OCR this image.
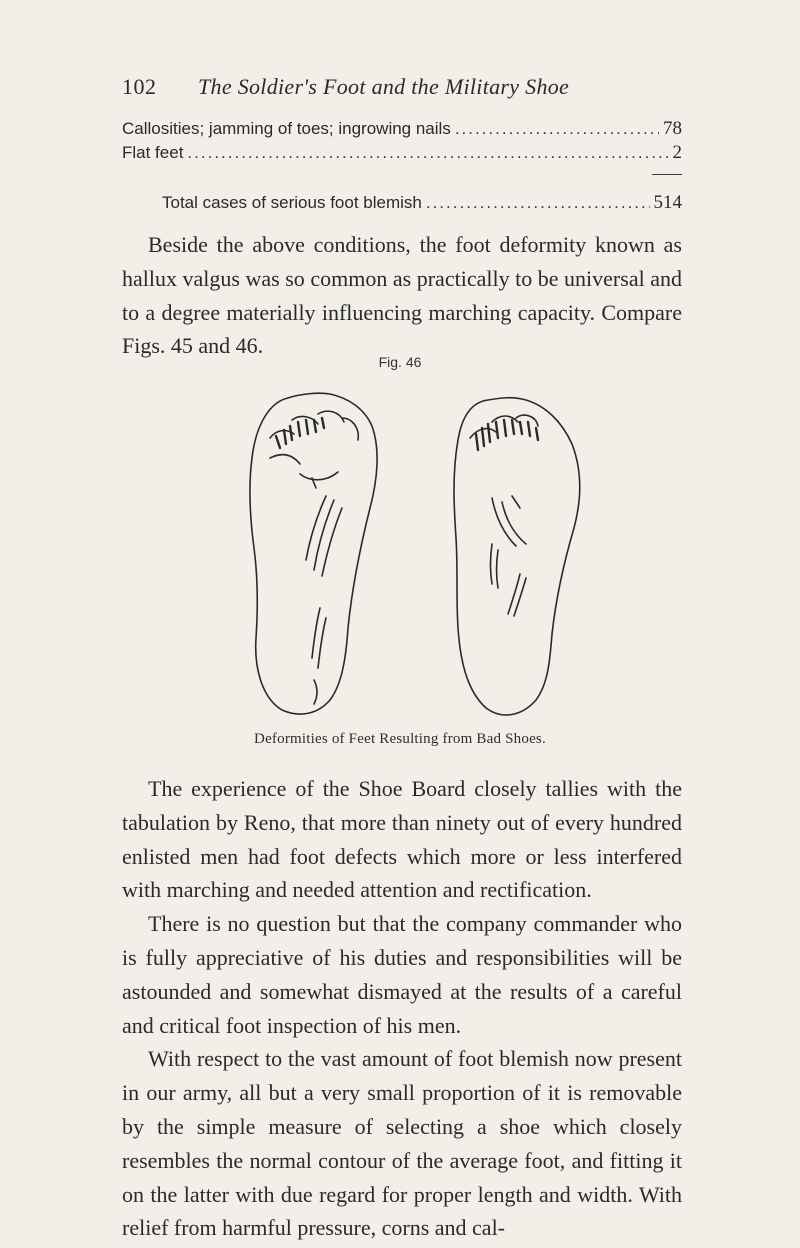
102 The Soldier's Foot and the Military Shoe
Callosities; jamming of toes; ingrowing nails .....	78
Flat feet .....	2
Total cases of serious foot blemish .....	514

Beside the above conditions, the foot deformity known as hallux valgus was so common as practically to be universal and to a degree materially influencing marching capacity. Compare Figs. 45 and 46.

Fig. 46
Deformities of Feet Resulting from Bad Shoes.

The experience of the Shoe Board closely tallies with the tabulation by Reno, that more than ninety out of every hundred enlisted men had foot defects which more or less interfered with marching and needed attention and rectification.

There is no question but that the company commander who is fully appreciative of his duties and responsibilities will be astounded and somewhat dismayed at the results of a careful and critical foot inspection of his men.

With respect to the vast amount of foot blemish now present in our army, all but a very small proportion of it is removable by the simple measure of selecting a shoe which closely resembles the normal contour of the average foot, and fitting it on the latter with due regard for proper length and width. With relief from harmful pressure, corns and cal-
